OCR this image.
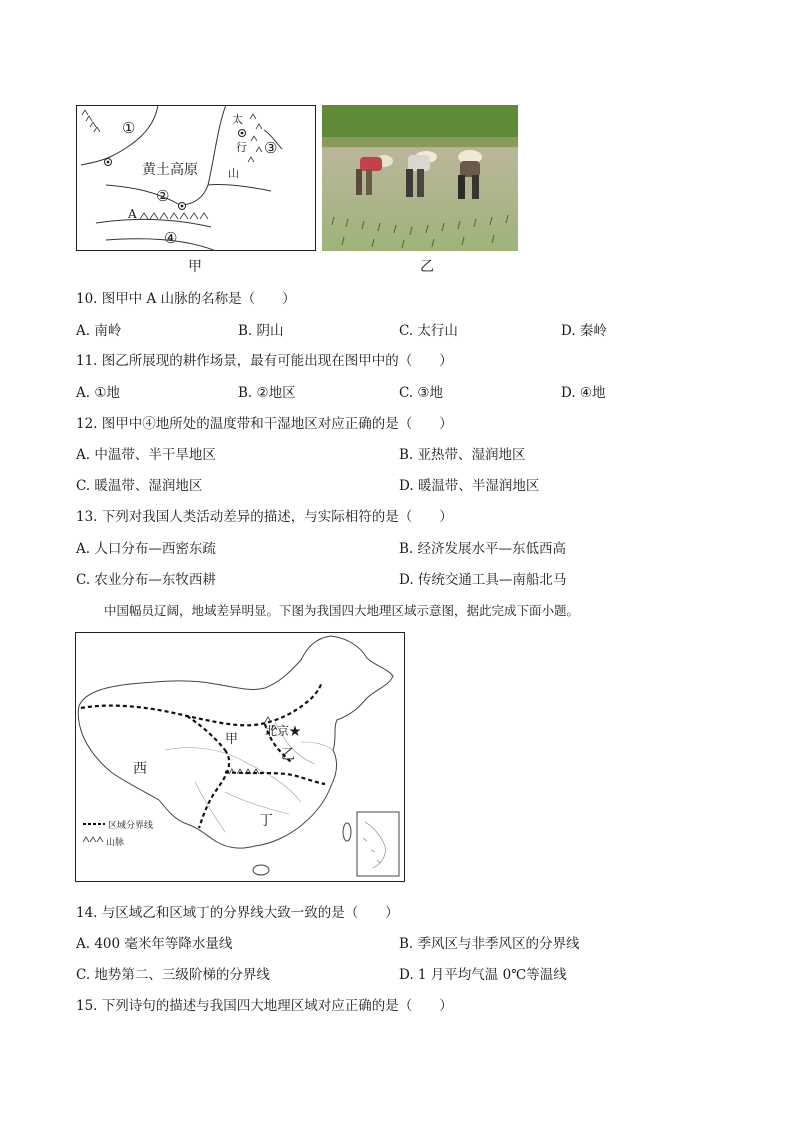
①
黄土高原
②
③
④
A
太
行
山
甲	乙
10. 图甲中 A 山脉的名称是（　　）
A. 南岭	B. 阴山	C. 太行山	D. 秦岭
11. 图乙所展现的耕作场景，最有可能出现在图甲中的（　　）
A. ①地	B. ②地区	C. ③地	D. ④地
12. 图甲中④地所处的温度带和干湿地区对应正确的是（　　）
A. 中温带、半干旱地区	B. 亚热带、湿润地区
C. 暖温带、湿润地区	D. 暖温带、半湿润地区
13. 下列对我国人类活动差异的描述，与实际相符的是（　　）
A. 人口分布—西密东疏	B. 经济发展水平—东低西高
C. 农业分布—东牧西耕	D. 传统交通工具—南船北马
中国幅员辽阔，地域差异明显。下图为我国四大地理区域示意图，据此完成下面小题。
甲
北京★
乙
西
丁
区域分界线
山脉
14. 与区域乙和区域丁的分界线大致一致的是（　　）
A. 400 毫米年等降水量线	B. 季风区与非季风区的分界线
C. 地势第二、三级阶梯的分界线	D. 1 月平均气温 0℃等温线
15. 下列诗句的描述与我国四大地理区域对应正确的是（　　）
